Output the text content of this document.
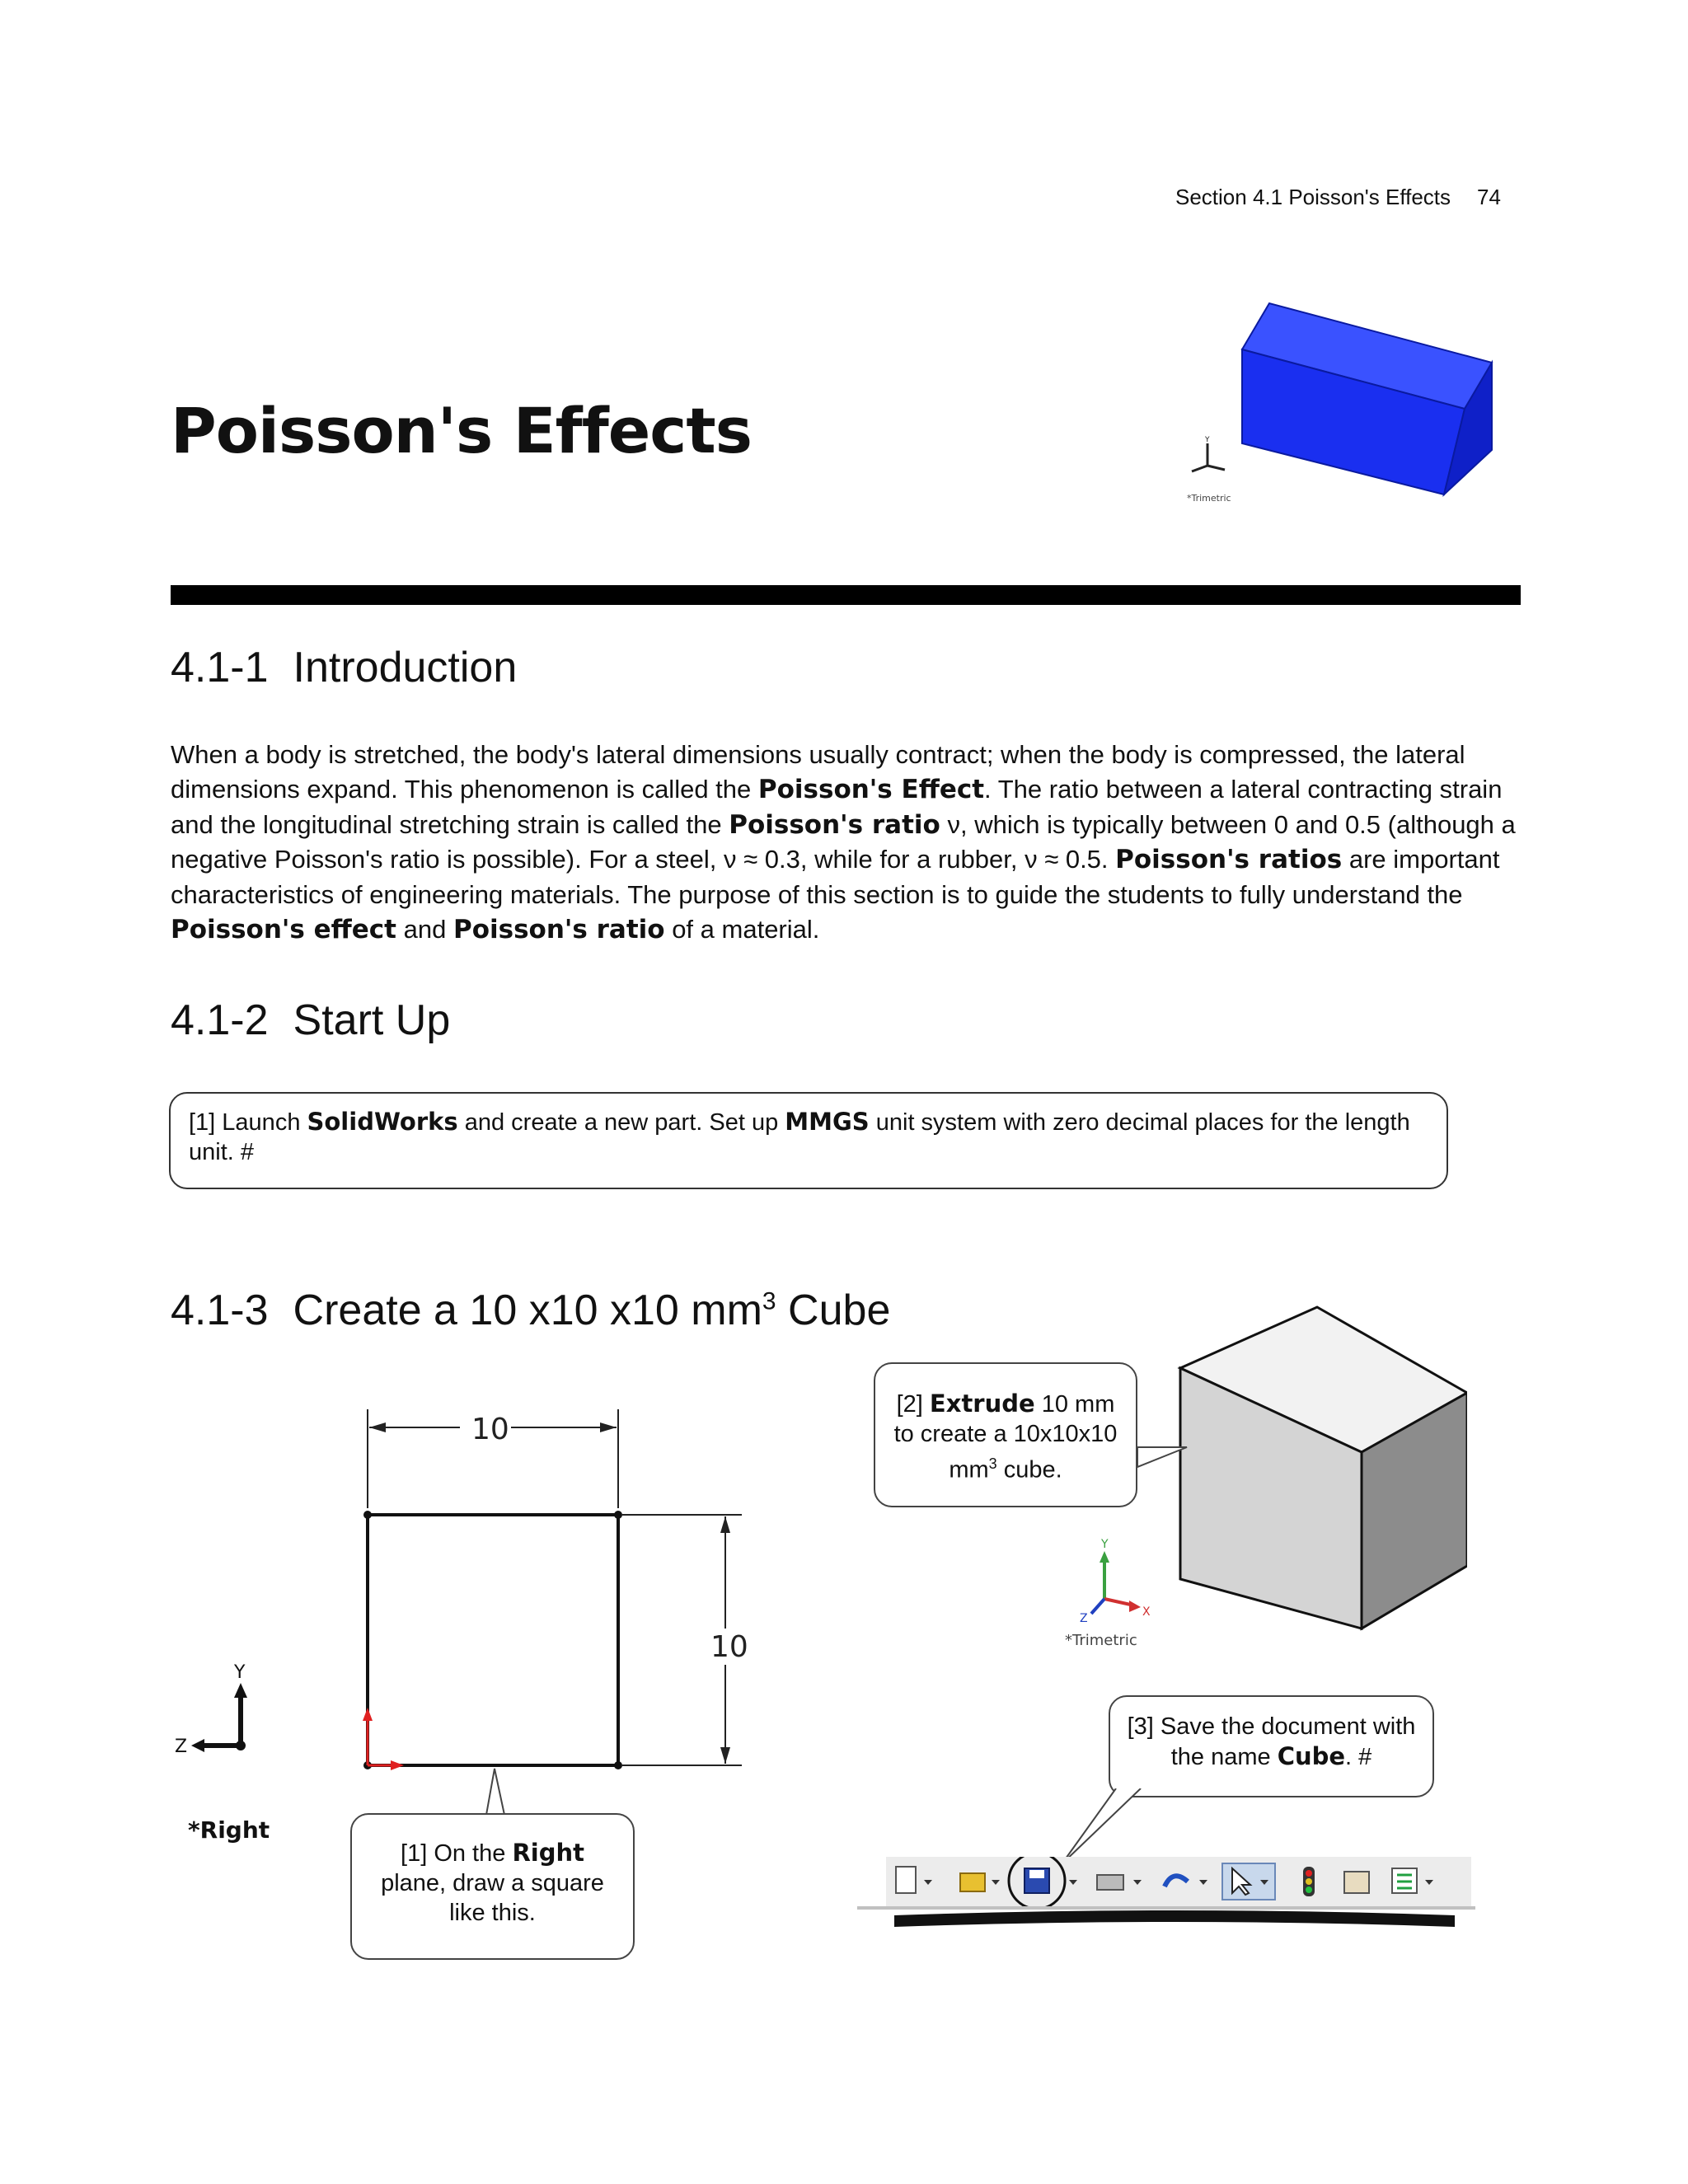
Section 4.1 Poisson's Effects 74
Poisson's Effects	Y
*Trimetric
4.1-1 Introduction
When a body is stretched, the body's lateral dimensions usually contract; when the body is compressed, the lateral dimensions expand. This phenomenon is called the Poisson's Effect. The ratio between a lateral contracting strain and the longitudinal stretching strain is called the Poisson's ratio ν, which is typically between 0 and 0.5 (although a negative Poisson's ratio is possible). For a steel, ν ≈ 0.3, while for a rubber, ν ≈ 0.5. Poisson's ratios are important characteristics of engineering materials. The purpose of this section is to guide the students to fully understand the Poisson's effect and Poisson's ratio of a material.
4.1-2 Start Up
[1] Launch SolidWorks and create a new part. Set up MMGS unit system with zero decimal places for the length unit. #
4.1-3 Create a 10 x10 x10 $mm^3$ Cube
10
10
Y
Z
*Right
[1] On the Right plane, draw a square like this.
Y
X
Z
*Trimetric
[2] Extrude 10 mm to create a 10x10x10 $mm^3$ cube.
[3] Save the document with the name Cube. #
